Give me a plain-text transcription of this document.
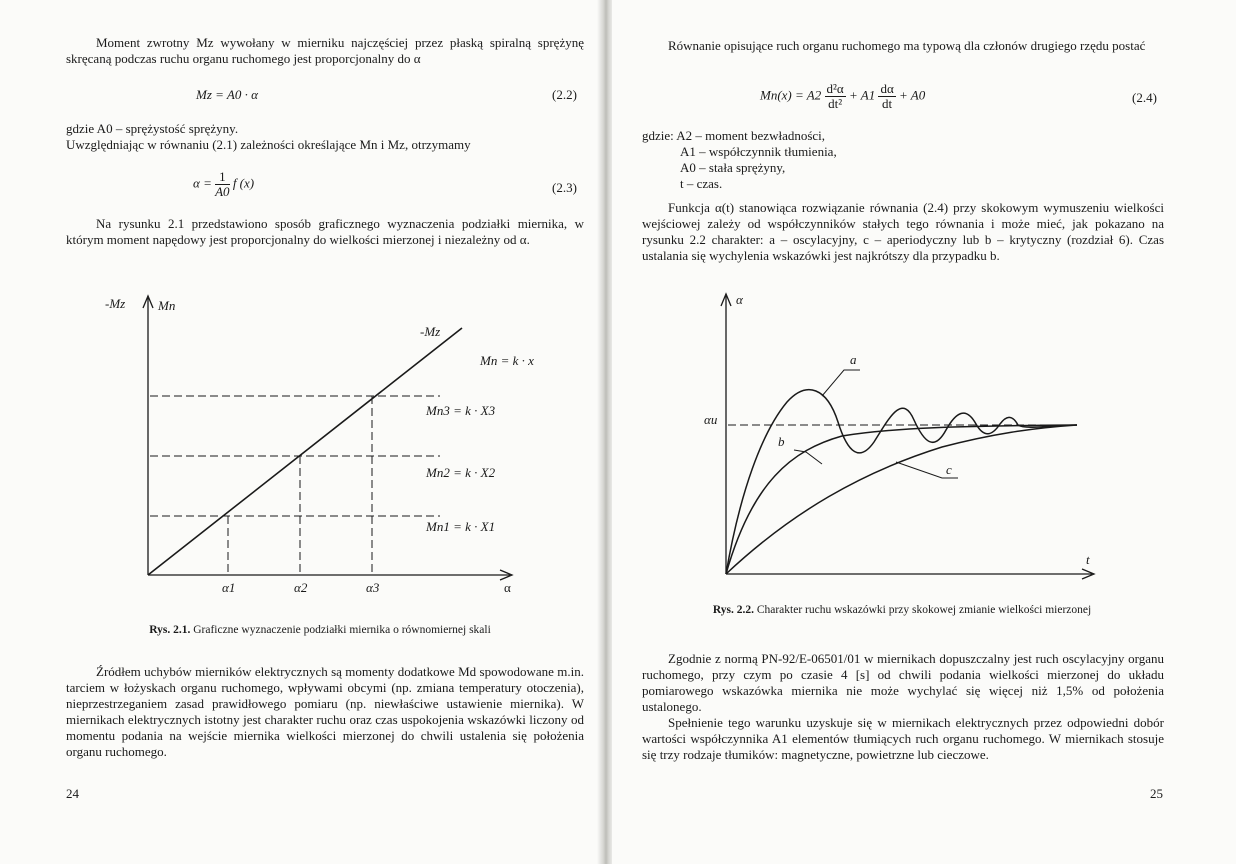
Moment zwrotny Mz wywołany w mierniku najczęściej przez płaską spiralną sprężynę skręcaną podczas ruchu organu ruchomego jest proporcjonalny do α

Mz = A0 · α	(2.2)

gdzie A0 – sprężystość sprężyny.

Uwzględniając w równaniu (2.1) zależności określające Mn i Mz, otrzymamy

$\alpha = \frac{1}{A0}$ f (x)	(2.3)

Na rysunku 2.1 przedstawiono sposób graficznego wyznaczenia podziałki miernika, w którym moment napędowy jest proporcjonalny do wielkości mierzonej i niezależny od α.

-Mz	Mn
-Mz
Mn = k · x
Mn3 = k · X3
Mn2 = k · X2
Mn1 = k · X1
α1	α2	α3	α
Rys. 2.1. Graficzne wyznaczenie podziałki miernika o równomiernej skali

Źródłem uchybów mierników elektrycznych są momenty dodatkowe Md spowodowane m.in. tarciem w łożyskach organu ruchomego, wpływami obcymi (np. zmiana temperatury otoczenia), nieprzestrzeganiem zasad prawidłowego pomiaru (np. niewłaściwe ustawienie miernika). W miernikach elektrycznych istotny jest charakter ruchu oraz czas uspokojenia wskazówki liczony od momentu podania na wejście miernika wielkości mierzonej do chwili ustalenia się położenia organu ruchomego.

24

Równanie opisujące ruch organu ruchomego ma typową dla członów drugiego rzędu postać

$Mn(x) = A2 \frac{\text{d²α}}{\text{dt²}} + A1 \frac{d\alpha}{dt} + A0$	(2.4)
gdzie: A2 – moment bezwładności,
A1 – współczynnik tłumienia,
A0 – stała sprężyny,
t – czas.

Funkcja α(t) stanowiąca rozwiązanie równania (2.4) przy skokowym wymuszeniu wielkości wejściowej zależy od współczynników stałych tego równania i może mieć, jak pokazano na rysunku 2.2 charakter: a – oscylacyjny, c – aperiodyczny lub b – krytyczny (rozdział 6). Czas ustalania się wychylenia wskazówki jest najkrótszy dla przypadku b.

α
αu
a
b
c
t
Rys. 2.2. Charakter ruchu wskazówki przy skokowej zmianie wielkości mierzonej

Zgodnie z normą PN-92/E-06501/01 w miernikach dopuszczalny jest ruch oscylacyjny organu ruchomego, przy czym po czasie 4 [s] od chwili podania wielkości mierzonej do układu pomiarowego wskazówka miernika nie może wychylać się więcej niż 1,5% od położenia ustalonego.

Spełnienie tego warunku uzyskuje się w miernikach elektrycznych przez odpowiedni dobór wartości współczynnika A1 elementów tłumiących ruch organu ruchomego. W miernikach stosuje się trzy rodzaje tłumików: magnetyczne, powietrzne lub cieczowe.

25
